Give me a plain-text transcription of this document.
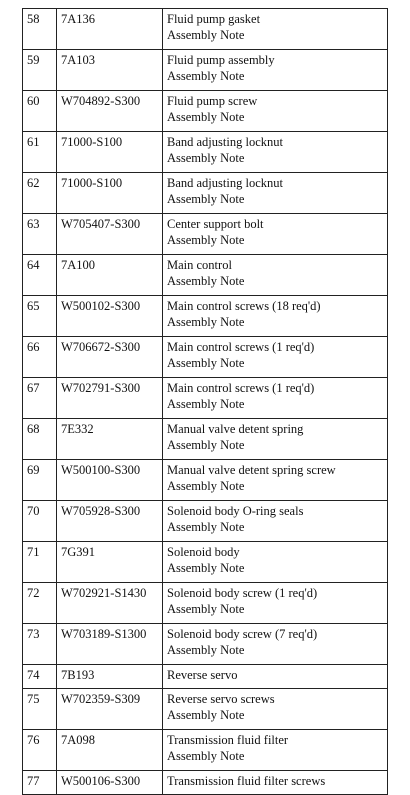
58	7A136	Fluid pump gasket
Assembly Note

59	7A103	Fluid pump assembly
Assembly Note

60	W704892-S300	Fluid pump screw
Assembly Note

61	71000-S100	Band adjusting locknut
Assembly Note

62	71000-S100	Band adjusting locknut
Assembly Note

63	W705407-S300	Center support bolt
Assembly Note

64	7A100	Main control
Assembly Note

65	W500102-S300	Main control screws (18 req'd)
Assembly Note

66	W706672-S300	Main control screws (1 req'd)
Assembly Note

67	W702791-S300	Main control screws (1 req'd)
Assembly Note

68	7E332	Manual valve detent spring
Assembly Note

69	W500100-S300	Manual valve detent spring screw
Assembly Note

70	W705928-S300	Solenoid body O-ring seals
Assembly Note

71	7G391	Solenoid body
Assembly Note

72	W702921-S1430	Solenoid body screw (1 req'd)
Assembly Note

73	W703189-S1300	Solenoid body screw (7 req'd)
Assembly Note

74	7B193	Reverse servo

75	W702359-S309	Reverse servo screws
Assembly Note

76	7A098	Transmission fluid filter
Assembly Note

77	W500106-S300	Transmission fluid filter screws
